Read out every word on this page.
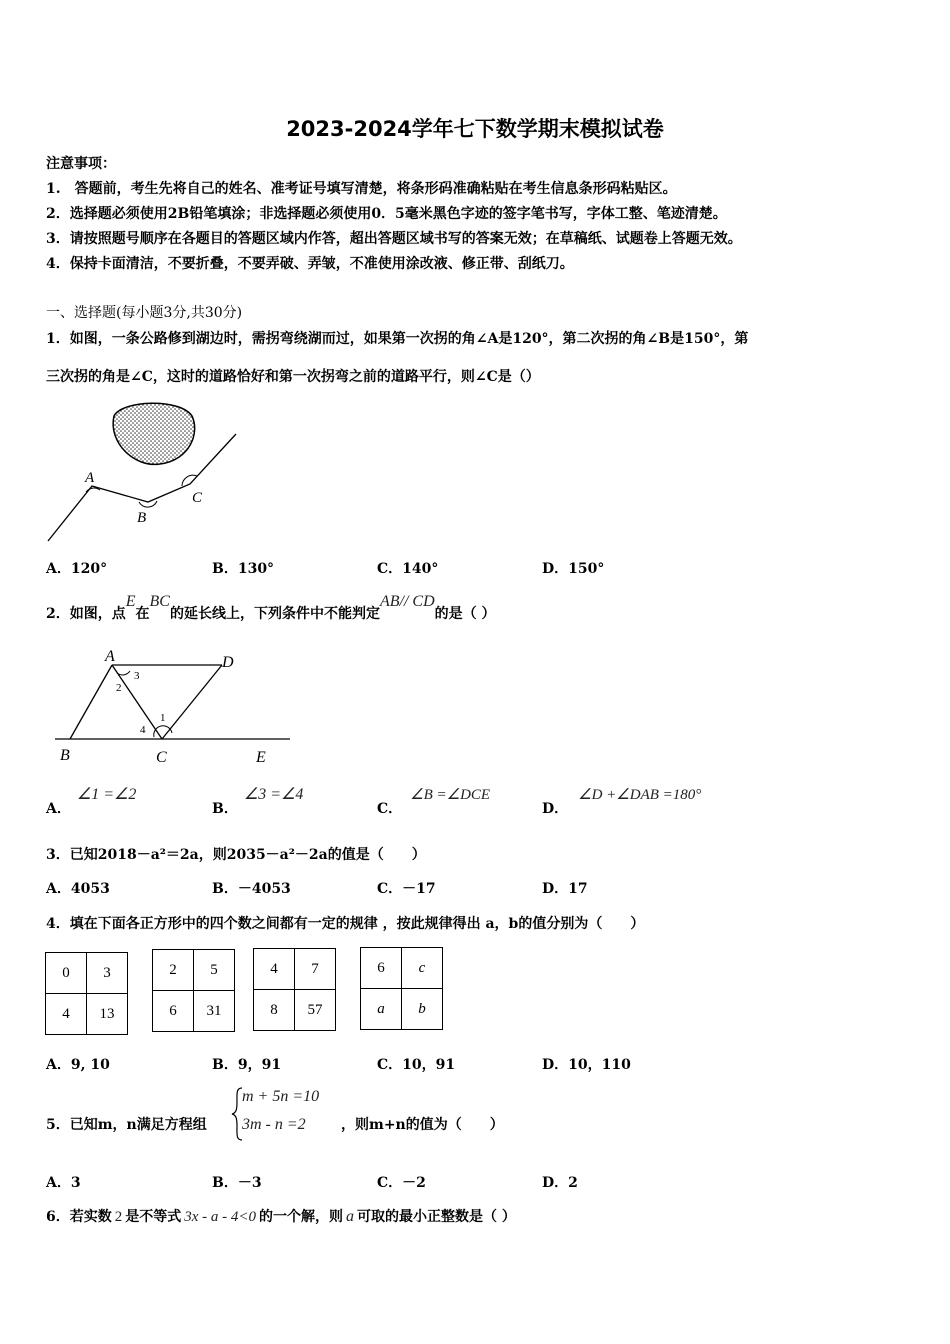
2023-2024学年七下数学期末模拟试卷
注意事项：
1.　答题前，考生先将自己的姓名、准考证号填写清楚，将条形码准确粘贴在考生信息条形码粘贴区。
2．选择题必须使用2B铅笔填涂；非选择题必须使用0．5毫米黑色字迹的签字笔书写，字体工整、笔迹清楚。
3．请按照题号顺序在各题目的答题区域内作答，超出答题区域书写的答案无效；在草稿纸、试题卷上答题无效。
4．保持卡面清洁，不要折叠，不要弄破、弄皱，不准使用涂改液、修正带、刮纸刀。
一、选择题(每小题3分,共30分)
1．如图，一条公路修到湖边时，需拐弯绕湖而过，如果第一次拐的角∠A是120°，第二次拐的角∠B是150°，第
三次拐的角是∠C，这时的道路恰好和第一次拐弯之前的道路平行，则∠C是（）
A
B
C
A．120°	B．130°	C．140°	D．150°
2．如图，点E在BC的延长线上，下列条件中不能判定AB// CD的是（ ）
A	D
B	C	E
1
2
3
4
A．∠1 =∠2
B．∠3 =∠4
C．∠B =∠DCE
D．∠D +∠DAB =180°
3．已知2018－a²＝2a，则2035－a²－2a的值是（　　）
A．4053	B．－4053	C．－17	D．17
4．填在下面各正方形中的四个数之间都有一定的规律 ，按此规律得出 a，b的值分别为（　　）
0	3
4	13
2	5
6	31
4	7
8	57
6	c
a	b
A．9, 10	B．9，91	C．10，91	D．10，110
5．已知m，n满足方程组
m + 5n =10
3m - n =2	，则m+n的值为（　　）
A．3	B．－3	C．－2	D．2
6．若实数 2 是不等式 3x - a - 4<0 的一个解，则 a 可取的最小正整数是（ ）
